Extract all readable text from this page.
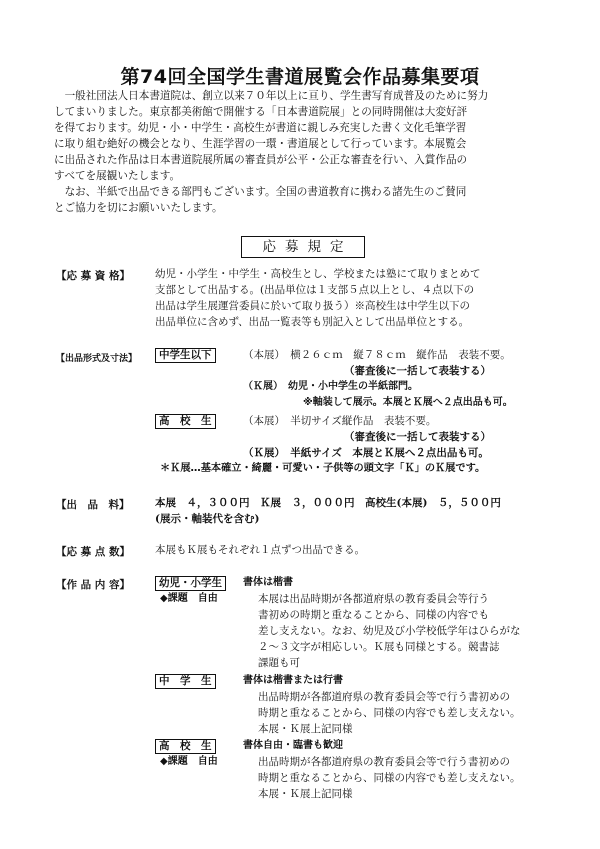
第74回全国学生書道展覧会作品募集要項

一般社団法人日本書道院は、創立以来７０年以上に亘り、学生書写育成普及のために努力
してまいりました。東京都美術館で開催する「日本書道院展」との同時開催は大変好評
を得ております。幼児・小・中学生・高校生が書道に親しみ充実した書く文化毛筆学習
に取り組む絶好の機会となり、生涯学習の一環・書道展として行っています。本展覧会
に出品された作品は日本書道院展所属の審査員が公平・公正な審査を行い、入賞作品の
すべてを展観いたします。

なお、半紙で出品できる部門もございます。全国の書道教育に携わる諸先生のご賛同
とご協力を切にお願いいたします。

応募規定
【応 募 資 格】 幼児・小学生・中学生・高校生とし、学校または塾にて取りまとめて

支部として出品する。(出品単位は１支部５点以上とし、４点以下の

出品は学生展運営委員に於いて取り扱う）※高校生は中学生以下の

出品単位に含めず、出品一覧表等も別記入として出品単位とする。

【出品形式及寸法】	中学生以下	（本展）　横２６ｃｍ　縦７８ｃｍ　縦作品　表装不要。
（審査後に一括して表装する）
（Ｋ展）　幼児・小中学生の半紙部門。
※軸装して展示。本展とＫ展へ２点出品も可。
高　校　生	（本展）　半切サイズ縦作品　表装不要。
（審査後に一括して表装する）
（Ｋ展）　半紙サイズ　本展とＫ展へ２点出品も可。
＊Ｋ展…基本確立・綺麗・可愛い・子供等の頭文字「Ｋ」のＫ展です。
【出　品　料】 本展　４，３００円　Ｋ展　３，０００円　高校生(本展)　５，５００円
(展示・軸装代を含む)
【応 募 点 数】 本展もＫ展もそれぞれ１点ずつ出品できる。
【作 品 内 容】	幼児・小学生	書体は楷書
◆課題　自由	本展は出品時期が各都道府県の教育委員会等行う

書初めの時期と重なることから、同様の内容でも

差し支えない。なお、幼児及び小学校低学年はひらがな

２〜３文字が相応しい。Ｋ展も同様とする。競書誌

課題も可

中　学　生	書体は楷書または行書

出品時期が各都道府県の教育委員会等で行う書初めの

時期と重なることから、同様の内容でも差し支えない。

本展・Ｋ展上記同様

高　校　生	書体自由・臨書も歓迎
◆課題　自由	出品時期が各都道府県の教育委員会等で行う書初めの

時期と重なることから、同様の内容でも差し支えない。

本展・Ｋ展上記同様
